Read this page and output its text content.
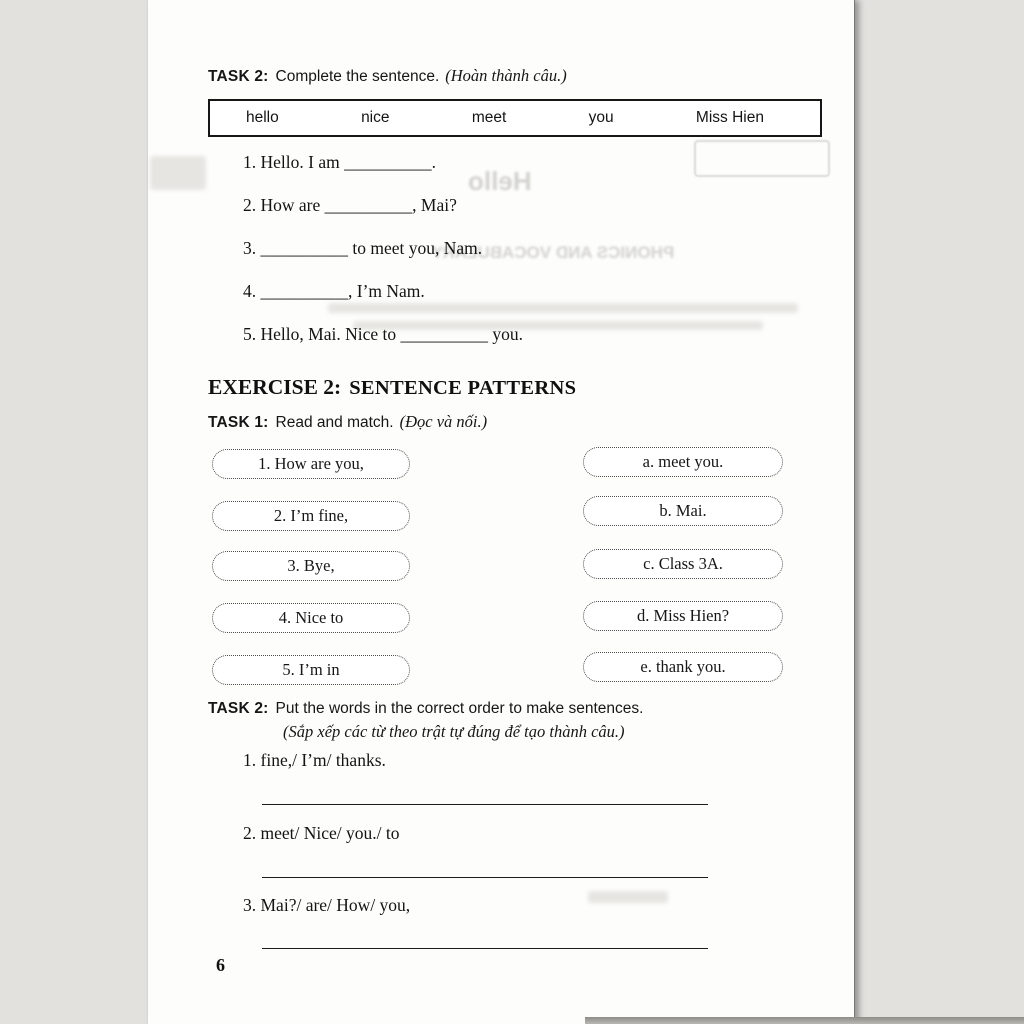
Hello
PHONICS AND VOCABULARY
TASK 2: Complete the sentence. (Hoàn thành câu.)
hello	nice	meet	you	Miss Hien
1. Hello. I am __________.
2. How are __________, Mai?
3. __________ to meet you, Nam.
4. __________, I’m Nam.
5. Hello, Mai. Nice to __________ you.
EXERCISE 2: SENTENCE PATTERNS
TASK 1: Read and match. (Đọc và nối.)
1. How are you,
2. I’m fine,
3. Bye,
4. Nice to
5. I’m in
a. meet you.
b. Mai.
c. Class 3A.
d. Miss Hien?
e. thank you.
TASK 2: Put the words in the correct order to make sentences.
(Sắp xếp các từ theo trật tự đúng để tạo thành câu.)
1. fine,/ I’m/ thanks.
2. meet/ Nice/ you./ to
3. Mai?/ are/ How/ you,
6
